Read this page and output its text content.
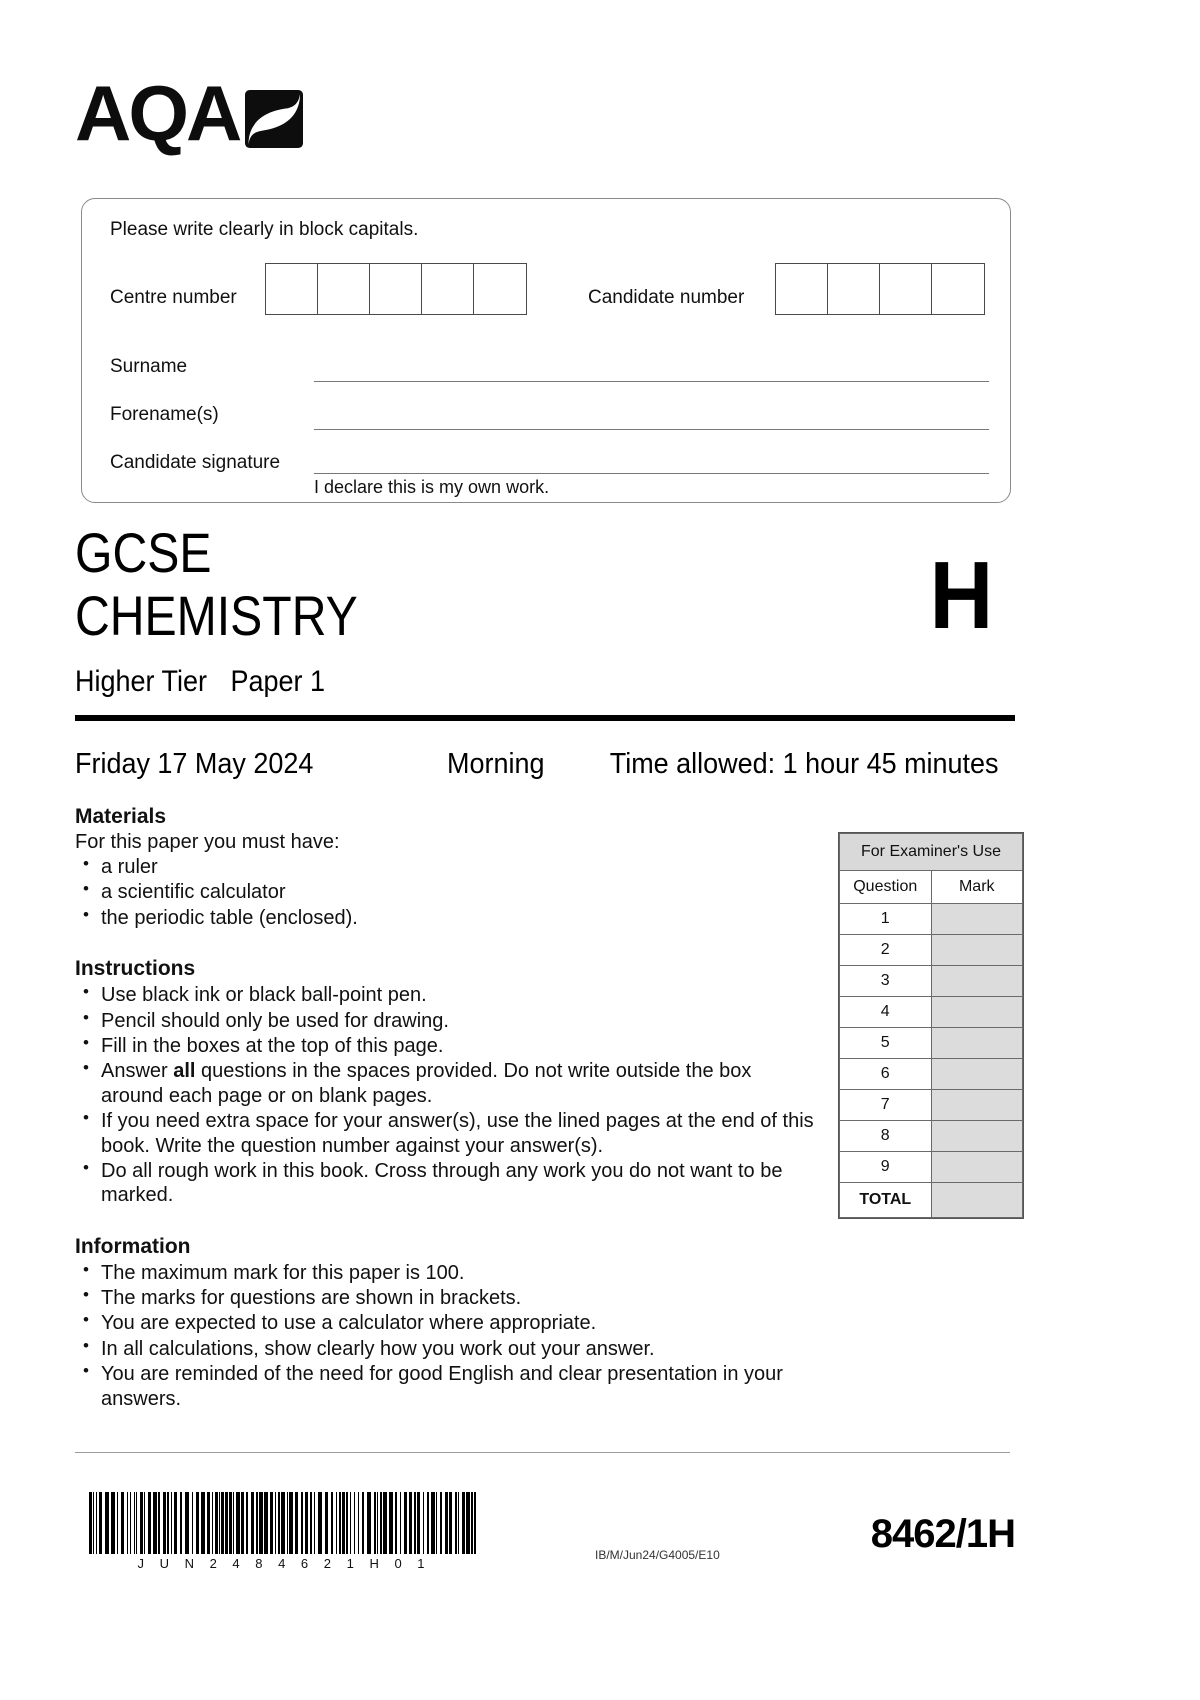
AQA
Please write clearly in block capitals.
Centre number	Candidate number
Surname
Forename(s)
Candidate signature
I declare this is my own work.
GCSE
CHEMISTRY
Higher Tier Paper 1
H
Friday 17 May 2024	Morning Time allowed: 1 hour 45 minutes
Materials
For this paper you must have:
• a ruler
• a scientific calculator
• the periodic table (enclosed).
Instructions
• Use black ink or black ball-point pen.
• Pencil should only be used for drawing.
• Fill in the boxes at the top of this page.
• Answer all questions in the spaces provided. Do not write outside the box around each page or on blank pages.
• If you need extra space for your answer(s), use the lined pages at the end of this book. Write the question number against your answer(s).
• Do all rough work in this book. Cross through any work you do not want to be marked.
Information
• The maximum mark for this paper is 100.
• The marks for questions are shown in brackets.
• You are expected to use a calculator where appropriate.
• In all calculations, show clearly how you work out your answer.
• You are reminded of the need for good English and clear presentation in your answers.
For Examiner's Use	
Question	Mark
1	
2	
3	
4	
5	
6	
7	
8	
9	
TOTAL	
J U N 2 4 8 4 6 2 1 H 0 1
IB/M/Jun24/G4005/E10	8462/1H
